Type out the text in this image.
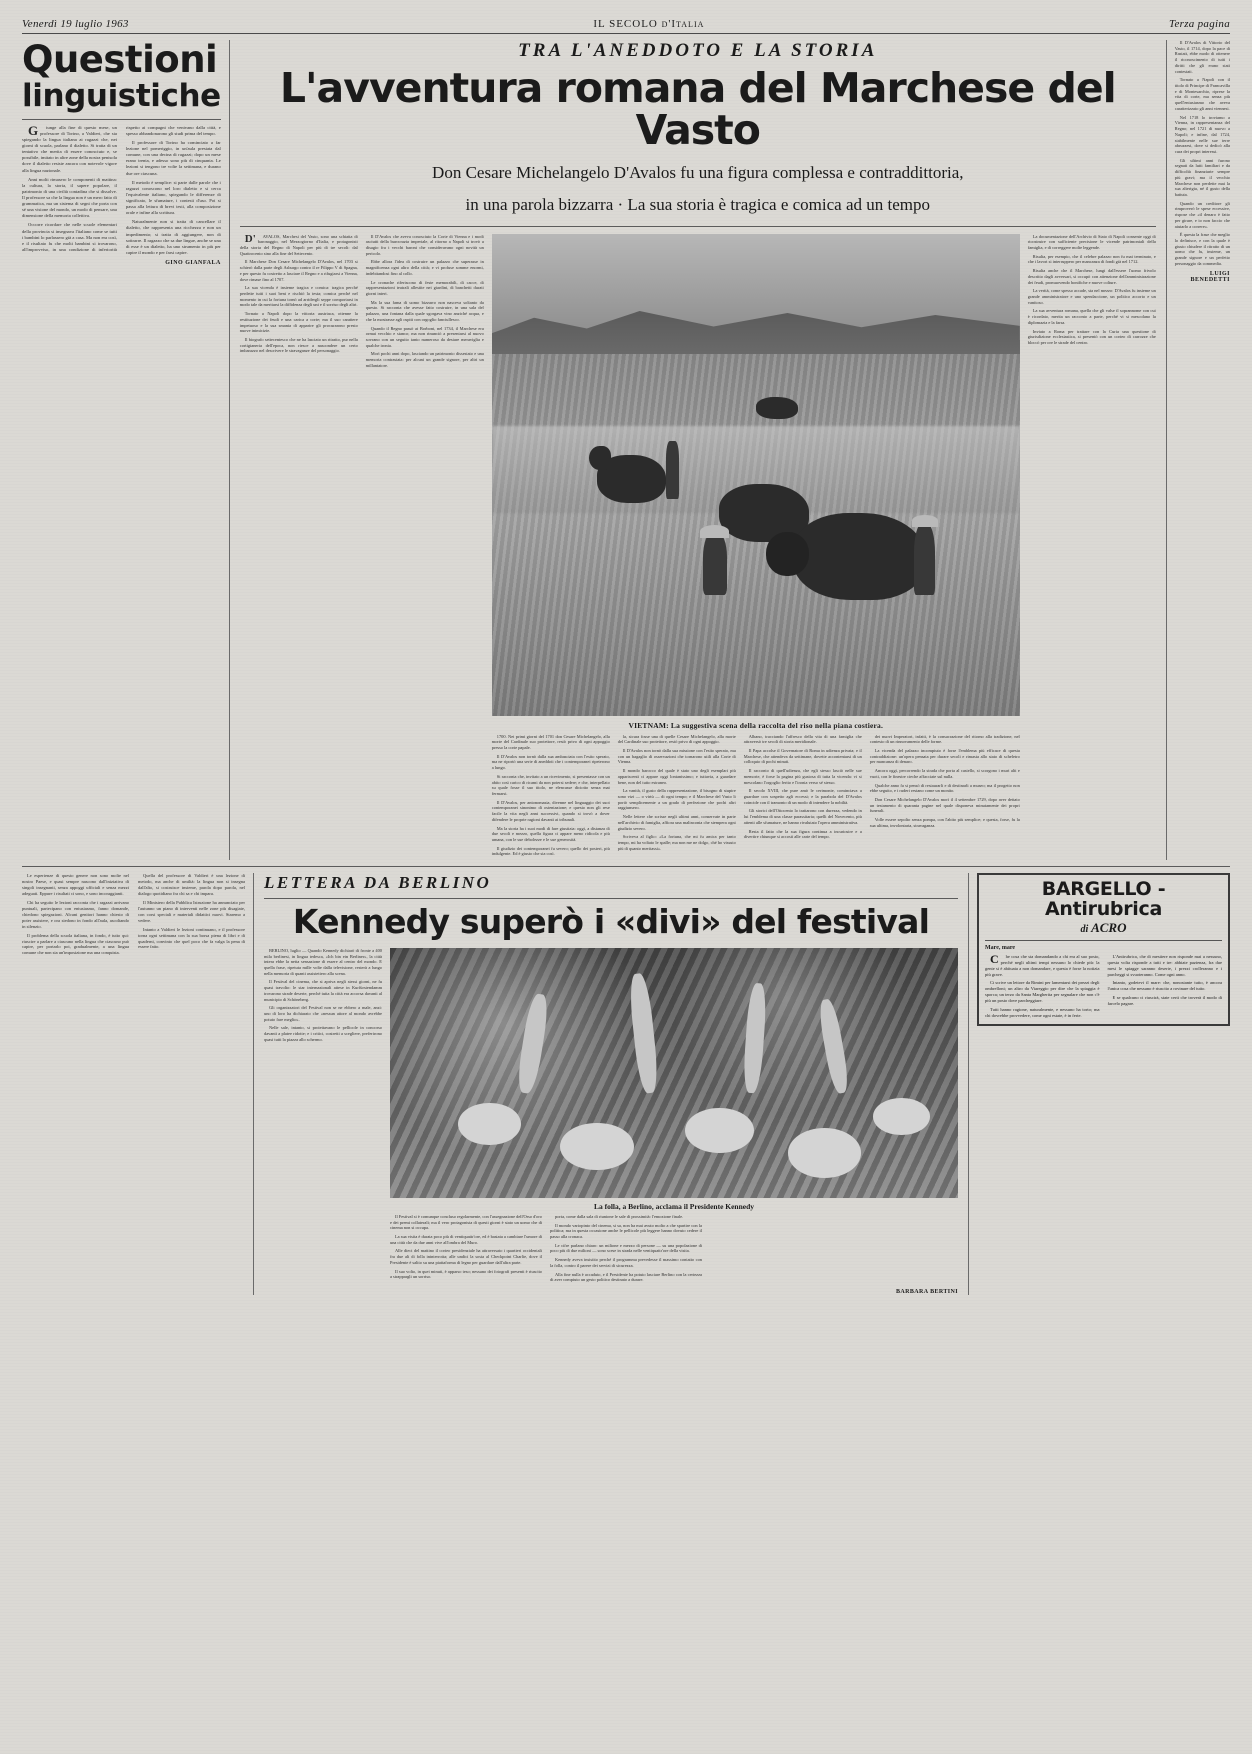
Venerdì 19 luglio 1963	IL SECOLO d'Italia	Terza pagina
Questioni
linguistiche

Giunge alla fine di questo mese, un professore di Torino, a Valdieri, che sta spiegando la lingua italiana ai ragazzi che, nei giorni di scuola, parlano il dialetto. Si tratta di un tentativo che merita di essere conosciuto e, se possibile, imitato in altre zone della nostra penisola dove il dialetto resiste ancora con notevole vigore alla lingua nazionale.

Anni molti rimasero le componenti di mattina: la cultura, la storia, il sapere popolare, il patrimonio di una civiltà contadina che si dissolve. Il professore sa che la lingua non è un mero fatto di grammatica, ma un sistema di segni che porta con sé una visione del mondo, un modo di pensare, una dimensione della memoria collettiva.

Occorre ricordare che nelle scuole elementari della provincia si insegnava l'italiano come se tutti i bambini lo parlassero già a casa. Ma non era così, e il risultato fu che molti bambini si trovarono, all'improvviso, in una condizione di inferiorità rispetto ai compagni che venivano dalla città, e spesso abbandonarono gli studi prima del tempo.

Il professore di Torino ha cominciato a far lezione nel pomeriggio, in un'aula prestata dal comune, con una decina di ragazzi; dopo un mese erano trenta, e adesso sono più di cinquanta. Le lezioni si tengono tre volte la settimana, e durano due ore ciascuna.

Il metodo è semplice: si parte dalle parole che i ragazzi conoscono nel loro dialetto e si cerca l'equivalente italiano, spiegando le differenze di significato, le sfumature, i contesti d'uso. Poi si passa alla lettura di brevi testi, alla composizione orale e infine alla scrittura.

Naturalmente non si tratta di cancellare il dialetto, che rappresenta una ricchezza e non un impedimento; si tratta di aggiungere, non di sottrarre. Il ragazzo che sa due lingue, anche se una di esse è un dialetto, ha uno strumento in più per capire il mondo e per farsi capire.

GINO GIANFALA
TRA L'ANEDDOTO E LA STORIA
L'avventura romana del Marchese del Vasto
Don Cesare Michelangelo D'Avalos fu una figura complessa e contraddittoria,
in una parola bizzarra · La sua storia è tragica e comica ad un tempo

D'AVALOS, Marchesi del Vasto, sono una schiatta di baronaggio, nel Mezzogiorno d'Italia, e protagonisti della storia del Regno di Napoli per più di tre secoli: dal Quattrocento sino alla fine del Settecento.

Il Marchese Don Cesare Michelangelo D'Avalos, nel 1703 si schierò dalla parte degli Asburgo contro il re Filippo V di Spagna, e per questo fu costretto a lasciare il Regno e a rifugiarsi a Vienna, dove rimase fino al 1707.

La sua vicenda è insieme tragica e comica: tragica perché perdette tutti i suoi beni e rischiò la testa; comica perché nel momento in cui la fortuna tornò ad arridergli seppe comportarsi in modo tale da meritarsi la diffidenza degli uni e il sorriso degli altri.

Tornato a Napoli dopo la vittoria austriaca, ottenne la restituzione dei feudi e una carica a corte; ma il suo carattere impetuoso e la sua smania di apparire gli procurarono presto nuove inimicizie.

Il biografo settecentesco che ne ha lasciato un ritratto, pur nella cortigianeria dell'epoca, non riesce a nascondere un certo imbarazzo nel descrivere le stravaganze del personaggio.

Il D'Avalos che aveva conosciuto la Corte di Vienna e i modi asciutti della burocrazia imperiale, al ritorno a Napoli si trovò a disagio fra i vecchi baroni che consideravano ogni novità un pericolo.

Ebbe allora l'idea di costruire un palazzo che superasse in magnificenza ogni altro della città; e vi profuse somme enormi, indebitandosi fino al collo.

Le cronache riferiscono di feste memorabili, di cacce, di rappresentazioni teatrali allestite nei giardini, di banchetti durati giorni interi.

Ma la sua fama di uomo bizzarro non nasceva soltanto da questo. Si racconta che avesse fatto costruire, in una sala del palazzo, una fontana dalla quale sgorgava vino anziché acqua, e che la mostrasse agli ospiti con orgoglio fanciullesco.

Quando il Regno passò ai Borboni, nel 1734, il Marchese era ormai vecchio e stanco; ma non rinunciò a presentarsi al nuovo sovrano con un seguito tanto numeroso da destare meraviglia e qualche ironia.

Morì pochi anni dopo, lasciando un patrimonio dissestato e una memoria contrastata: per alcuni un grande signore, per altri un millantatore.

VIETNAM: La suggestiva scena della raccolta del riso nella piana costiera.

1700. Nei primi giorni del 1701 don Cesare Michelangelo, alla morte del Cardinale suo protettore, restò privo di ogni appoggio presso la corte papale.

Il D'Avalos non tornò dalla sua ambasciata con l'esito sperato, ma ne riportò una serie di aneddoti che i contemporanei ripeterono a lungo.

Si racconta che, invitato a un ricevimento, si presentasse con un abito così carico di ricami da non potersi sedere; e che, interpellato su quale fosse il suo titolo, ne elencasse diciotto senza mai fermarsi.

Il D'Avalos, per antonomasia, divenne nel linguaggio dei suoi contemporanei sinonimo di ostentazione; e questo non gli rese facile la vita negli anni successivi, quando si trovò a dover difendere le proprie ragioni davanti ai tribunali.

Ma la storia ha i suoi modi di fare giustizia: oggi, a distanza di due secoli e mezzo, quella figura ci appare meno ridicola e più umana, con le sue debolezze e le sue generosità.

Il giudizio dei contemporanei fu severo; quello dei posteri, più indulgente. Ed è giusto che sia così.

la, sicura fosse una di quelle Cesare Michelangelo, alla morte del Cardinale suo protettore, restò privo di ogni appoggio.

Il D'Avalos non tornò dalla sua missione con l'esito sperato, ma con un bagaglio di osservazioni che tornarono utili alla Corte di Vienna.

Il mondo barocco del quale è stato uno degli esemplari più appariscenti ci appare oggi lontanissimo; e tuttavia, a guardare bene, non del tutto estraneo.

La vanità, il gusto della rappresentazione, il bisogno di stupire sono vizi — o virtù — di ogni tempo; e il Marchese del Vasto li portò semplicemente a un grado di perfezione che pochi altri raggiunsero.

Nelle lettere che scrisse negli ultimi anni, conservate in parte nell'archivio di famiglia, affiora una malinconia che stempera ogni giudizio severo.

Scriveva al figlio: «La fortuna, che mi fu amica per tanto tempo, mi ha voltato le spalle; ma non me ne dolgo, ché ho vissuto più di quanto meritassi».

Albano, tracciando l'affresco della vita di una famiglia che attraversò tre secoli di storia meridionale.

Il Papa accolse il Governatore di Roma in udienza privata; e il Marchese, che attendeva da settimane, dovette accontentarsi di un colloquio di pochi minuti.

Il racconto di quell'udienza, che egli stesso lasciò nelle sue memorie, è forse la pagina più gustosa di tutta la vicenda: vi si mescolano l'orgoglio ferito e l'ironia verso sé stesso.

Il secolo XVIII, che pure amò le cerimonie, cominciava a guardare con sospetto agli eccessi; e la parabola del D'Avalos coincide con il tramonto di un modo di intendere la nobiltà.

Gli storici dell'Ottocento lo trattarono con durezza, vedendo in lui l'emblema di una classe parassitaria; quelli del Novecento, più attenti alle sfumature, ne hanno rivalutato l'opera amministrativa.

Resta il fatto che la sua figura continua a incuriosire e a divertire chiunque si accosti alle carte del tempo.

dei nuovi Imperatori, infatti, è la consacrazione del ritorno alla tradizione, nel contesto di un rinnovamento delle forme.

La vicenda del palazzo incompiuto è forse l'emblema più efficace di questa contraddizione: un'opera pensata per durare secoli e rimasta allo stato di scheletro per mancanza di denaro.

Ancora oggi, percorrendo la strada che porta al castello, si scorgono i muri alti e vuoti, con le finestre cieche affacciate sul nulla.

Qualche anno fa si pensò di restaurarli e di destinarli a museo; ma il progetto non ebbe seguito, e i ruderi restano come un monito.

Don Cesare Michelangelo D'Avalos morì il 4 settembre 1729, dopo aver dettato un testamento di quaranta pagine nel quale disponeva minutamente dei propri funerali.

Volle essere sepolto senza pompa, con l'abito più semplice; e questa, forse, fu la sua ultima, involontaria, stravaganza.

La documentazione dell'Archivio di Stato di Napoli consente oggi di ricostruire con sufficiente precisione le vicende patrimoniali della famiglia, e di correggere molte leggende.

Risulta, per esempio, che il celebre palazzo non fu mai terminato, e che i lavori si interruppero per mancanza di fondi già nel 1712.

Risulta anche che il Marchese, lungi dall'essere l'uomo frivolo descritto dagli avversari, si occupò con attenzione dell'amministrazione dei feudi, promuovendo bonifiche e nuove colture.

La verità, come spesso accade, sta nel mezzo: D'Avalos fu insieme un grande amministratore e uno spendaccione, un politico accorto e un vanitoso.

La sua avventura romana, quella che gli valse il soprannome con cui è ricordato, merita un racconto a parte, perché vi si mescolano la diplomazia e la farsa.

Inviato a Roma per trattare con la Curia una questione di giurisdizione ecclesiastica, si presentò con un corteo di carrozze che bloccò per ore le strade del centro.

Il D'Avalos di Vittorio del Vasto, il 1714, dopo la pace di Rastatt, ebbe modo di ottenere il riconoscimento di tutti i diritti che gli erano stati contestati.

Tornato a Napoli con il titolo di Principe di Francavilla e di Montesarchio, riprese la vita di corte, ma senza più quell'entusiasmo che aveva caratterizzato gli anni viennesi.

Nel 1718 lo troviamo a Vienna, in rappresentanza del Regno; nel 1721 di nuovo a Napoli; e infine, dal 1724, stabilmente nelle sue terre abruzzesi, dove si dedicò alla cura dei propri interessi.

Gli ultimi anni furono segnati da lutti familiari e da difficoltà finanziarie sempre più gravi; ma il vecchio Marchese non perdette mai la sua alterigia, né il gusto della battuta.

Quando un creditore gli rimproverò le spese eccessive, rispose che «il denaro è fatto per girare, e io non faccio che aiutarlo a correre».

È questa la frase che meglio lo definisce, e con la quale è giusto chiudere il ritratto di un uomo che fu, insieme, un grande signore e un perfetto personaggio da commedia.

LUIGI BENEDETTI

Le esperienze di questo genere non sono molte nel nostro Paese, e quasi sempre nascono dall'iniziativa di singoli insegnanti, senza appoggi ufficiali e senza mezzi adeguati. Eppure i risultati ci sono, e sono incoraggianti.

Chi ha seguito le lezioni racconta che i ragazzi arrivano puntuali, partecipano con entusiasmo, fanno domande, chiedono spiegazioni. Alcuni genitori hanno chiesto di poter assistere, e ora siedono in fondo all'aula, ascoltando in silenzio.

Il problema della scuola italiana, in fondo, è tutto qui: riuscire a parlare a ciascuno nella lingua che ciascuno può capire, per portarlo poi, gradualmente, a una lingua comune che non sia un'imposizione ma una conquista.

Quella del professore di Valdieri è una lezione di metodo, ma anche di umiltà: la lingua non si insegna dall'alto, si costruisce insieme, parola dopo parola, nel dialogo quotidiano fra chi sa e chi impara.

Il Ministero della Pubblica Istruzione ha annunciato per l'autunno un piano di interventi nelle zone più disagiate, con corsi speciali e materiali didattici nuovi. Staremo a vedere.

Intanto a Valdieri le lezioni continuano, e il professore torna ogni settimana con la sua borsa piena di libri e di quaderni, convinto che quel poco che fa valga la pena di essere fatto.

LETTERA DA BERLINO
Kennedy superò i «divi» del festival

BERLINO, luglio — Quando Kennedy dichiarò di fronte a 400 mila berlinesi, in lingua tedesca, «Ich bin ein Berliner», la città intera ebbe la netta sensazione di essere al centro del mondo. E quella frase, ripetuta mille volte dalla televisione, resterà a lungo nella memoria di quanti assistettero alla scena.

Il Festival del cinema, che si apriva negli stessi giorni, ne fu quasi travolto: le star internazionali attese in Kurfürstendamm trovarono strade deserte, perché tutta la città era accorsa davanti al municipio di Schöneberg.

Gli organizzatori del Festival non se ne ebbero a male, anzi: uno di loro ha dichiarato che «nessun attore al mondo avrebbe potuto fare meglio».

Nelle sale, intanto, si proiettavano le pellicole in concorso davanti a platee ridotte; e i critici, costretti a scegliere, preferirono quasi tutti la piazza allo schermo.

La folla, a Berlino, acclama il Presidente Kennedy

Il Festival si è comunque concluso regolarmente, con l'assegnazione dell'Orso d'oro e dei premi collaterali; ma il vero protagonista di questi giorni è stato un uomo che di cinema non si occupa.

La sua visita è durata poco più di ventiquattr'ore, ed è bastata a cambiare l'umore di una città che da due anni vive all'ombra del Muro.

Alle dieci del mattino il corteo presidenziale ha attraversato i quartieri occidentali fra due ali di folla ininterrotta; alle undici la sosta al Checkpoint Charlie, dove il Presidente è salito su una piattaforma di legno per guardare dall'altra parte.

Il suo volto, in quei minuti, è apparso teso; nessuno dei fotografi presenti è riuscito a strappargli un sorriso.

porta, come dalla sala di riunione le sale di prossimità: l'emozione finale.

Il mondo variopinto del cinema, si sa, non ha mai avuto molto a che spartire con la politica; ma in questa occasione anche le pellicole più leggere hanno dovuto cedere il passo alla cronaca.

Le cifre parlano chiaro: un milione e mezzo di persone — su una popolazione di poco più di due milioni — sono scese in strada nelle ventiquattr'ore della visita.

Kennedy aveva insistito perché il programma prevedesse il massimo contatto con la folla, contro il parere dei servizi di sicurezza.

Alla fine nulla è accaduto, e il Presidente ha potuto lasciare Berlino con la certezza di aver compiuto un gesto politico destinato a durare.

BARBARA BERTINI
BARGELLO - Antirubrica
di ACRO
Mare, mare

Che cosa che sta domandando a chi era al suo posto, perché negli ultimi tempi nessuno lo chiede più: la gente si è abituata a non domandare, e questa è forse la notizia più grave.

Ci scrive un lettore da Rimini per lamentarsi dei prezzi degli ombrelloni; un altro da Viareggio per dire che la spiaggia è sporca; un terzo da Santa Margherita per segnalare che non c'è più un posto dove parcheggiare.

Tutti hanno ragione, naturalmente, e nessuno ha torto; ma chi dovrebbe provvedere, come ogni estate, è in ferie.

L'Antirubrica, che di mestiere non risponde mai a nessuno, questa volta risponde a tutti e tre: abbiate pazienza, fra due mesi le spiagge saranno deserte, i prezzi crolleranno e i parcheggi si svuoteranno. Come ogni anno.

Intanto, godetevi il mare: che, nonostante tutto, è ancora l'unica cosa che nessuno è riuscito a rovinare del tutto.

E se qualcuno ci riuscirà, state certi che troverà il modo di farcelo pagare.
